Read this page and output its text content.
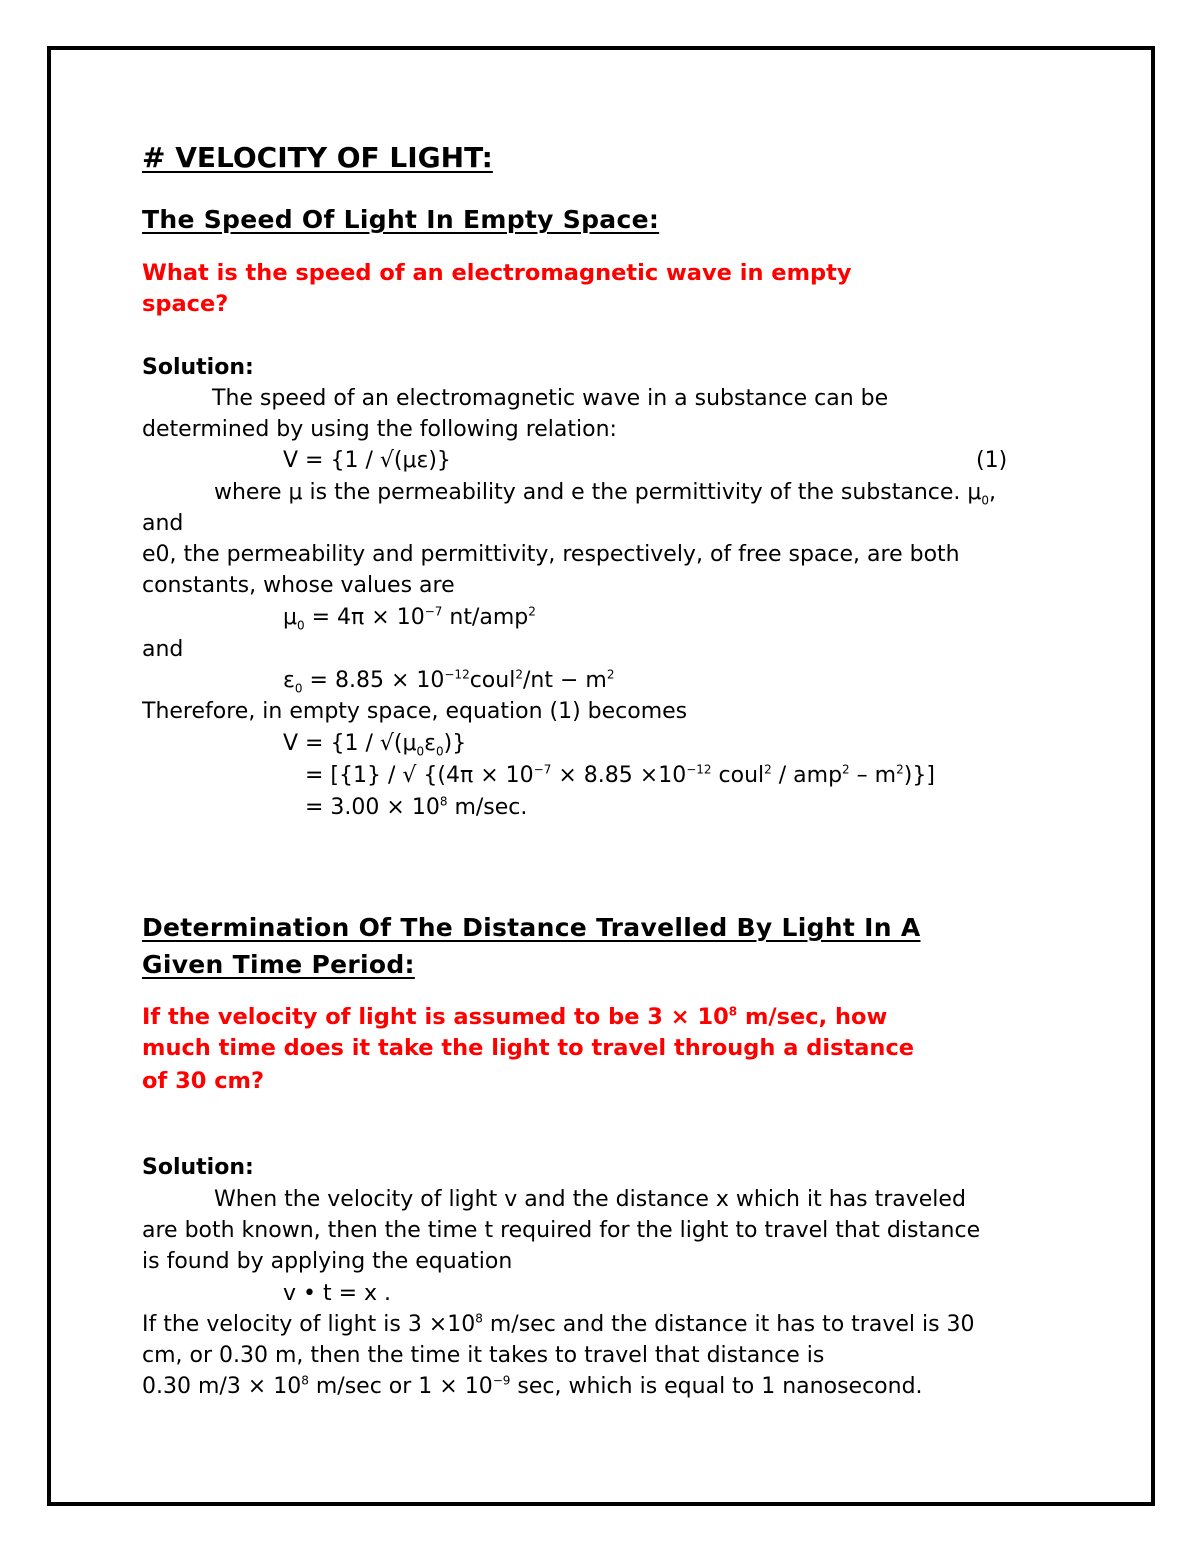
# VELOCITY OF LIGHT:
The Speed Of Light In Empty Space:
What is the speed of an electromagnetic wave in empty
space?
Solution:
The speed of an electromagnetic wave in a substance can be
determined by using the following relation:
V = {1 / √(με)}	(1)
where μ is the permeability and e the permittivity of the substance. $\mu_0$,
and
e0, the permeability and permittivity, respectively, of free space, are both
constants, whose values are
$\mu_0 = 4\pi \times 10^{-7}$ nt/amp$^2$
and
$\varepsilon_0 = 8.85$ × $10^{-12}coul^2/nt - m^2$
Therefore, in empty space, equation (1) becomes
$V = \{1 / √(\mu_0\varepsilon_0)\}$
= [{1} / √ {($4\pi \times 10^{-7} \times 8.85 \times 10^{-12}$ coul$^2$ / $amp^2 - m^2$)}]
= $3.00 \times 10^8$ m/sec.
Determination Of The Distance Travelled By Light In A
Given Time Period:
If the velocity of light is assumed to be $3 \times 10^8$ m/sec, how
much time does it take the light to travel through a distance
of 30 cm?
Solution:
When the velocity of light v and the distance x which it has traveled
are both known, then the time t required for the light to travel that distance
is found by applying the equation
v • t = x .
If the velocity of light is $3 \times 10^8$ m/sec and the distance it has to travel is 30
cm, or 0.30 m, then the time it takes to travel that distance is
0.30 $m/3 \times 10^8$ m/sec or $1 \times 10^{-9}$ sec, which is equal to 1 nanosecond.
